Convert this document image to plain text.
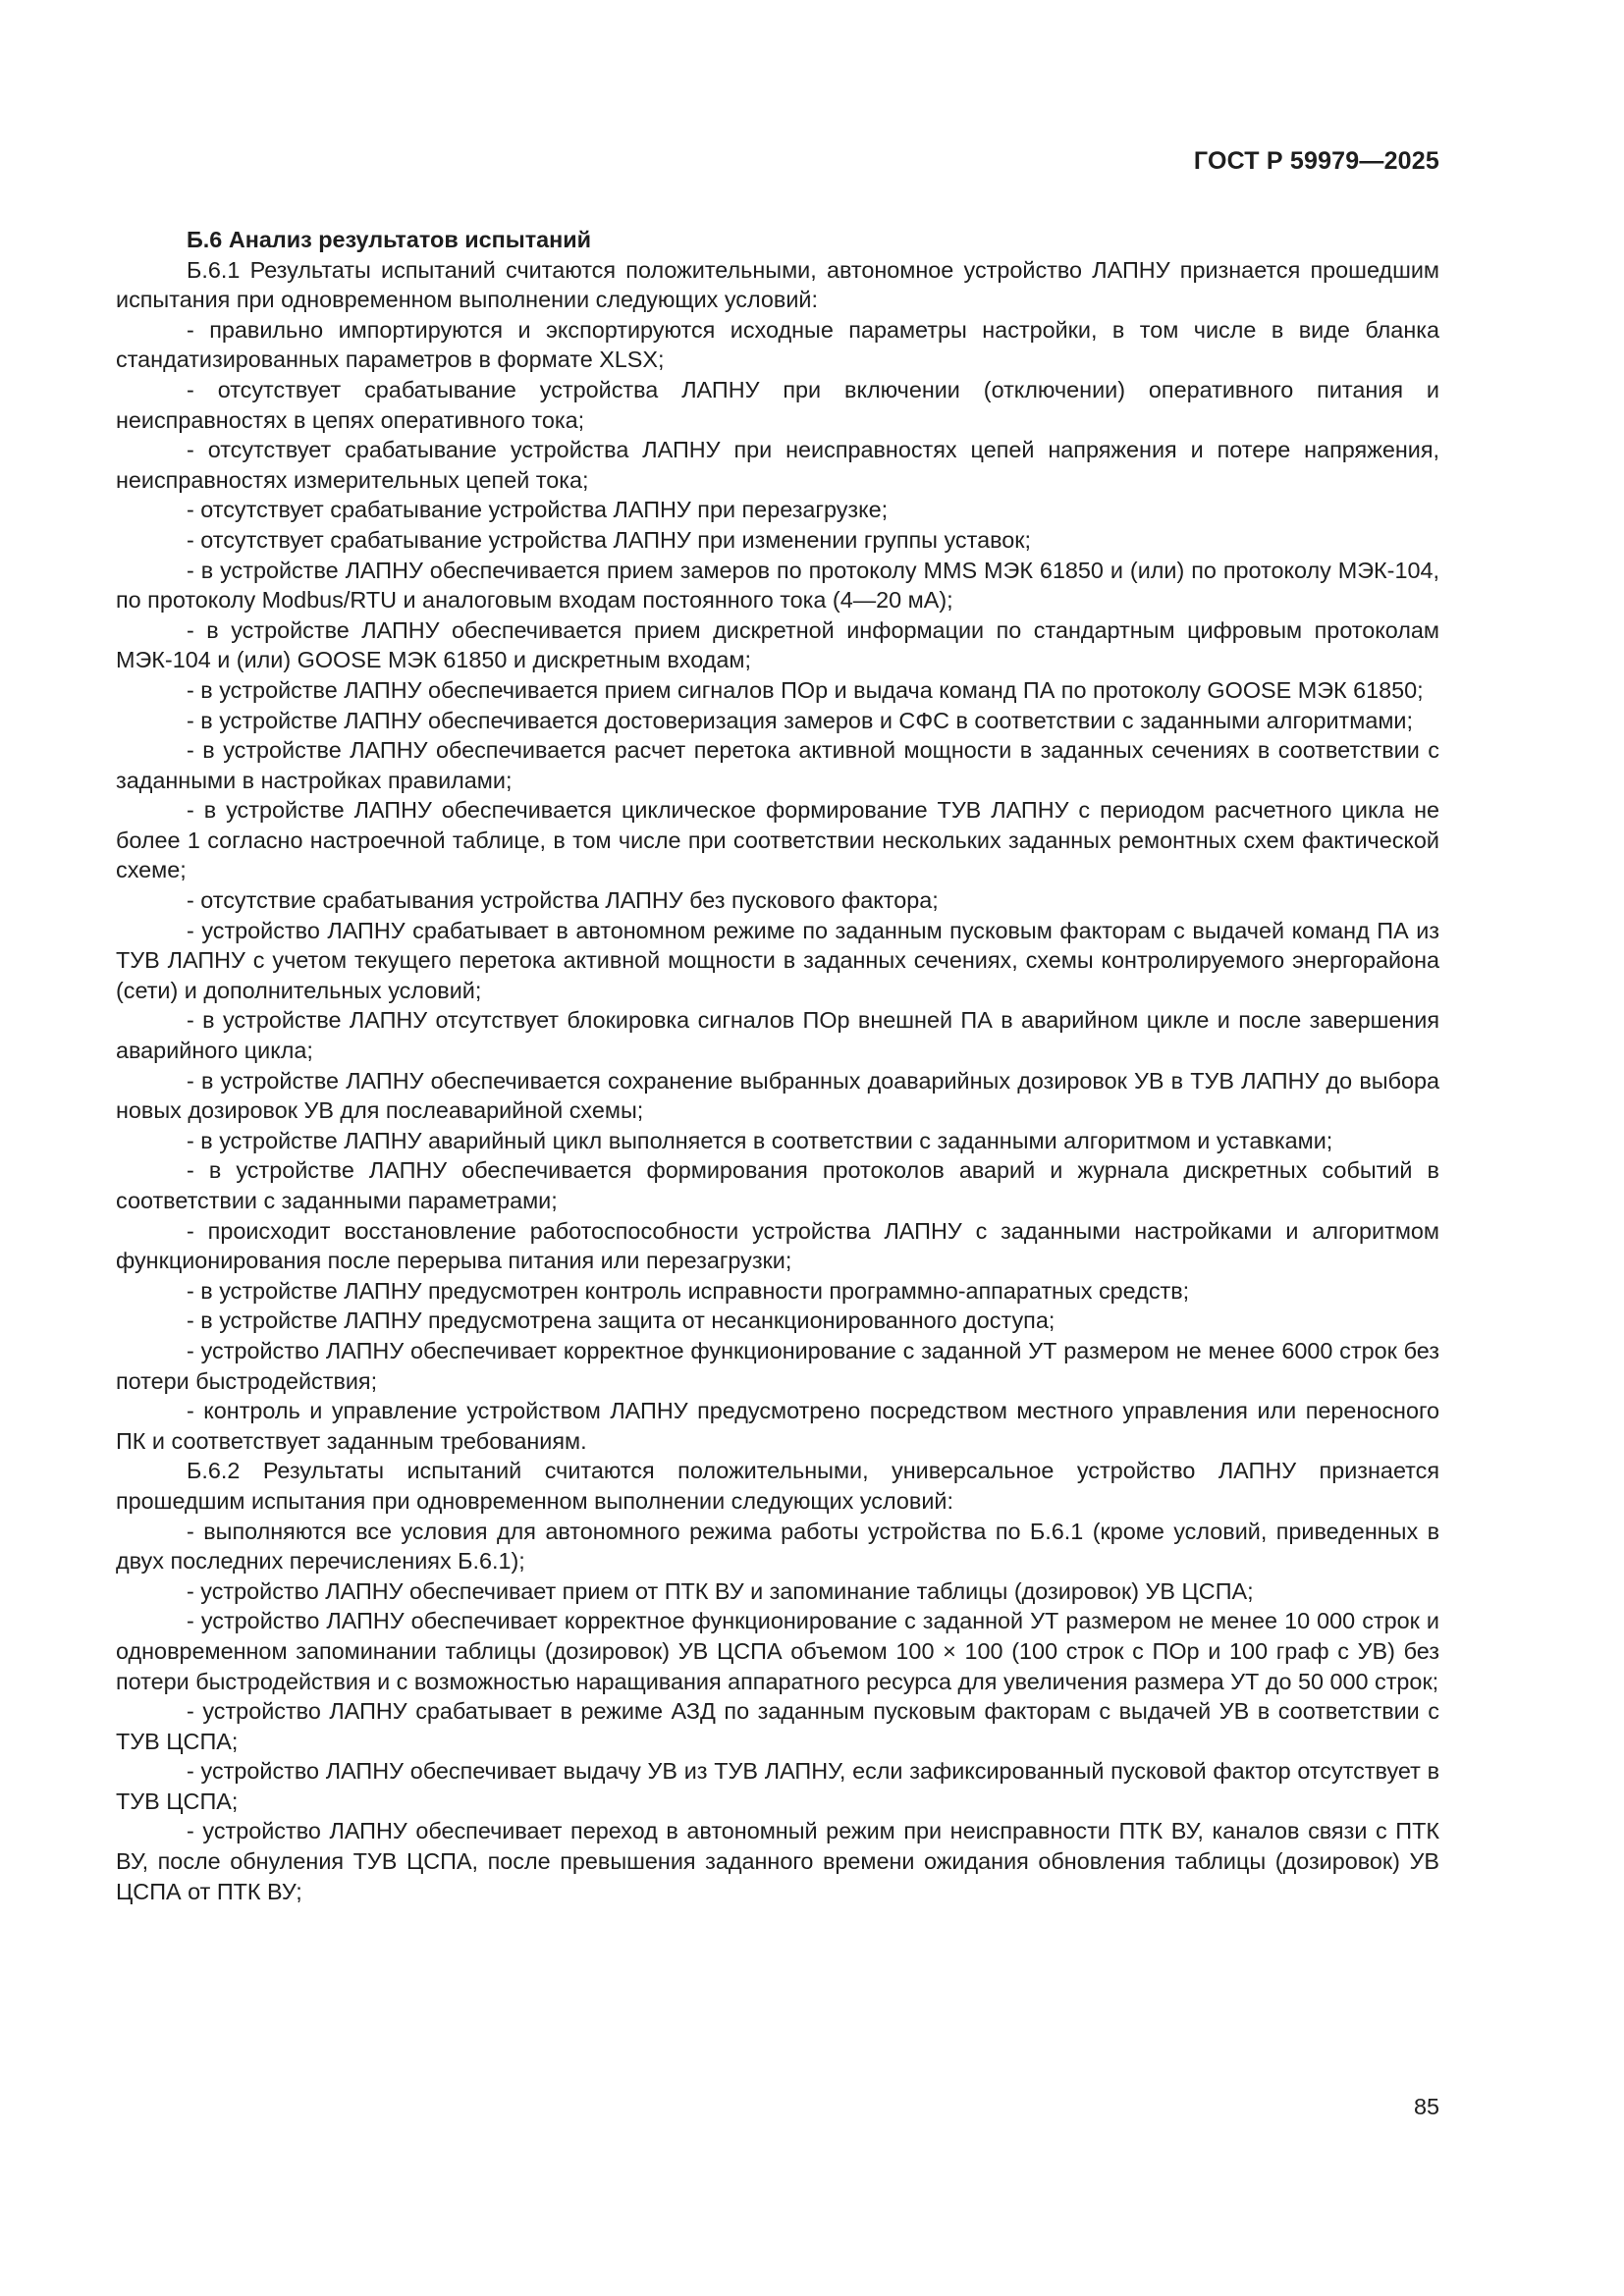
ГОСТ Р 59979—2025

Б.6 Анализ результатов испытаний

Б.6.1 Результаты испытаний считаются положительными, автономное устройство ЛАПНУ признается прошедшим испытания при одновременном выполнении следующих условий:

- правильно импортируются и экспортируются исходные параметры настройки, в том числе в виде бланка стандатизированных параметров в формате XLSX;

- отсутствует срабатывание устройства ЛАПНУ при включении (отключении) оперативного питания и неисправностях в цепях оперативного тока;

- отсутствует срабатывание устройства ЛАПНУ при неисправностях цепей напряжения и потере напряжения, неисправностях измерительных цепей тока;

- отсутствует срабатывание устройства ЛАПНУ при перезагрузке;

- отсутствует срабатывание устройства ЛАПНУ при изменении группы уставок;

- в устройстве ЛАПНУ обеспечивается прием замеров по протоколу MMS МЭК 61850 и (или) по протоколу МЭК-104, по протоколу Modbus/RTU и аналоговым входам постоянного тока (4—20 мА);

- в устройстве ЛАПНУ обеспечивается прием дискретной информации по стандартным цифровым протоколам МЭК-104 и (или) GOOSE МЭК 61850 и дискретным входам;

- в устройстве ЛАПНУ обеспечивается прием сигналов ПОр и выдача команд ПА по протоколу GOOSE МЭК 61850;

- в устройстве ЛАПНУ обеспечивается достоверизация замеров и СФС в соответствии с заданными алгоритмами;

- в устройстве ЛАПНУ обеспечивается расчет перетока активной мощности в заданных сечениях в соответствии с заданными в настройках правилами;

- в устройстве ЛАПНУ обеспечивается циклическое формирование ТУВ ЛАПНУ с периодом расчетного цикла не более 1 согласно настроечной таблице, в том числе при соответствии нескольких заданных ремонтных схем фактической схеме;

- отсутствие срабатывания устройства ЛАПНУ без пускового фактора;

- устройство ЛАПНУ срабатывает в автономном режиме по заданным пусковым факторам с выдачей команд ПА из ТУВ ЛАПНУ с учетом текущего перетока активной мощности в заданных сечениях, схемы контролируемого энергорайона (сети) и дополнительных условий;

- в устройстве ЛАПНУ отсутствует блокировка сигналов ПОр внешней ПА в аварийном цикле и после завершения аварийного цикла;

- в устройстве ЛАПНУ обеспечивается сохранение выбранных доаварийных дозировок УВ в ТУВ ЛАПНУ до выбора новых дозировок УВ для послеаварийной схемы;

- в устройстве ЛАПНУ аварийный цикл выполняется в соответствии с заданными алгоритмом и уставками;

- в устройстве ЛАПНУ обеспечивается формирования протоколов аварий и журнала дискретных событий в соответствии с заданными параметрами;

- происходит восстановление работоспособности устройства ЛАПНУ с заданными настройками и алгоритмом функционирования после перерыва питания или перезагрузки;

- в устройстве ЛАПНУ предусмотрен контроль исправности программно-аппаратных средств;

- в устройстве ЛАПНУ предусмотрена защита от несанкционированного доступа;

- устройство ЛАПНУ обеспечивает корректное функционирование с заданной УТ размером не менее 6000 строк без потери быстродействия;

- контроль и управление устройством ЛАПНУ предусмотрено посредством местного управления или переносного ПК и соответствует заданным требованиям.

Б.6.2 Результаты испытаний считаются положительными, универсальное устройство ЛАПНУ признается прошедшим испытания при одновременном выполнении следующих условий:

- выполняются все условия для автономного режима работы устройства по Б.6.1 (кроме условий, приведенных в двух последних перечислениях Б.6.1);

- устройство ЛАПНУ обеспечивает прием от ПТК ВУ и запоминание таблицы (дозировок) УВ ЦСПА;

- устройство ЛАПНУ обеспечивает корректное функционирование с заданной УТ размером не менее 10 000 строк и одновременном запоминании таблицы (дозировок) УВ ЦСПА объемом 100 × 100 (100 строк с ПОр и 100 граф с УВ) без потери быстродействия и с возможностью наращивания аппаратного ресурса для увеличения размера УТ до 50 000 строк;

- устройство ЛАПНУ срабатывает в режиме АЗД по заданным пусковым факторам с выдачей УВ в соответствии с ТУВ ЦСПА;

- устройство ЛАПНУ обеспечивает выдачу УВ из ТУВ ЛАПНУ, если зафиксированный пусковой фактор отсутствует в ТУВ ЦСПА;

- устройство ЛАПНУ обеспечивает переход в автономный режим при неисправности ПТК ВУ, каналов связи с ПТК ВУ, после обнуления ТУВ ЦСПА, после превышения заданного времени ожидания обновления таблицы (дозировок) УВ ЦСПА от ПТК ВУ;

85
